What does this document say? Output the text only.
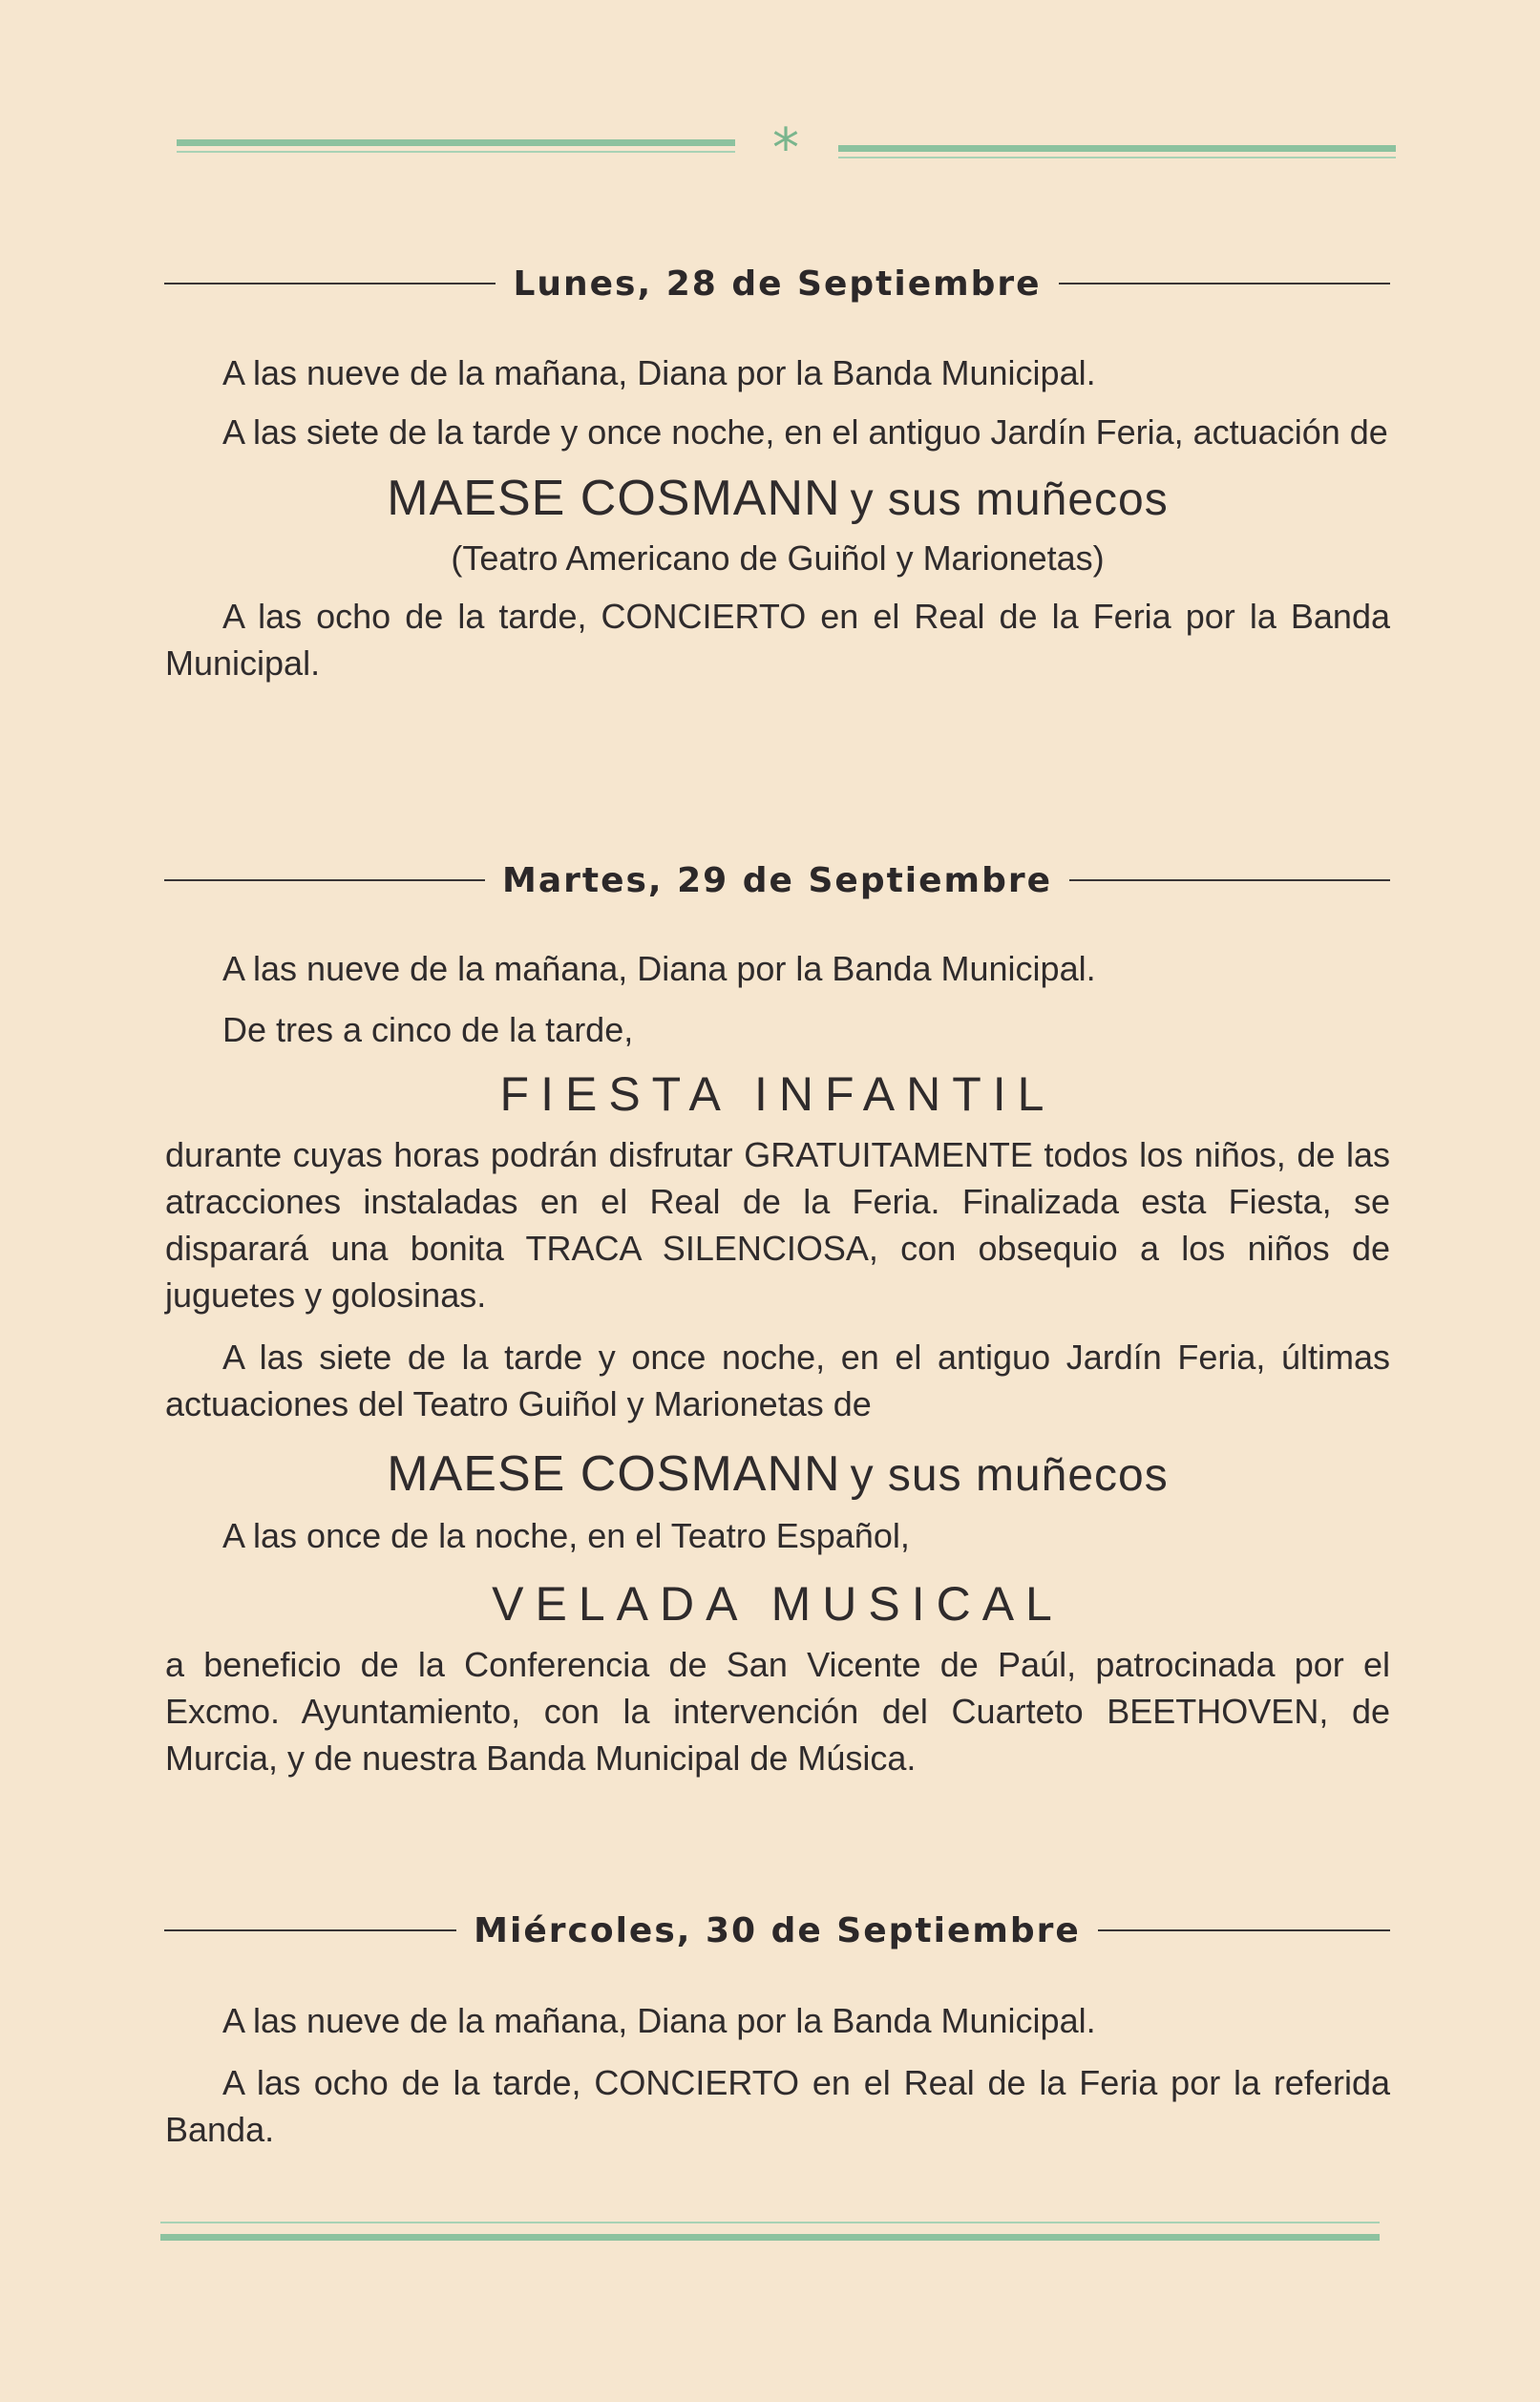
*
Lunes, 28 de Septiembre

A las nueve de la mañana, Diana por la Banda Municipal.

A las siete de la tarde y once noche, en el antiguo Jardín Feria, actuación de

MAESE COSMANN y sus muñecos

(Teatro Americano de Guiñol y Marionetas)

A las ocho de la tarde, CONCIERTO en el Real de la Feria por la Banda Municipal.

Martes, 29 de Septiembre

A las nueve de la mañana, Diana por la Banda Municipal.

De tres a cinco de la tarde,

FIESTA INFANTIL

durante cuyas horas podrán disfrutar GRATUITAMENTE todos los niños, de las atracciones instaladas en el Real de la Feria. Finalizada esta Fiesta, se disparará una bonita TRACA SILENCIOSA, con obsequio a los niños de juguetes y golosinas.

A las siete de la tarde y once noche, en el antiguo Jardín Feria, últimas actuaciones del Teatro Guiñol y Marionetas de

MAESE COSMANN y sus muñecos

A las once de la noche, en el Teatro Español,

VELADA MUSICAL

a beneficio de la Conferencia de San Vicente de Paúl, patrocinada por el Excmo. Ayuntamiento, con la intervención del Cuarteto BEETHOVEN, de Murcia, y de nuestra Banda Municipal de Música.

Miércoles, 30 de Septiembre

A las nueve de la mañana, Diana por la Banda Municipal.

A las ocho de la tarde, CONCIERTO en el Real de la Feria por la referida Banda.
